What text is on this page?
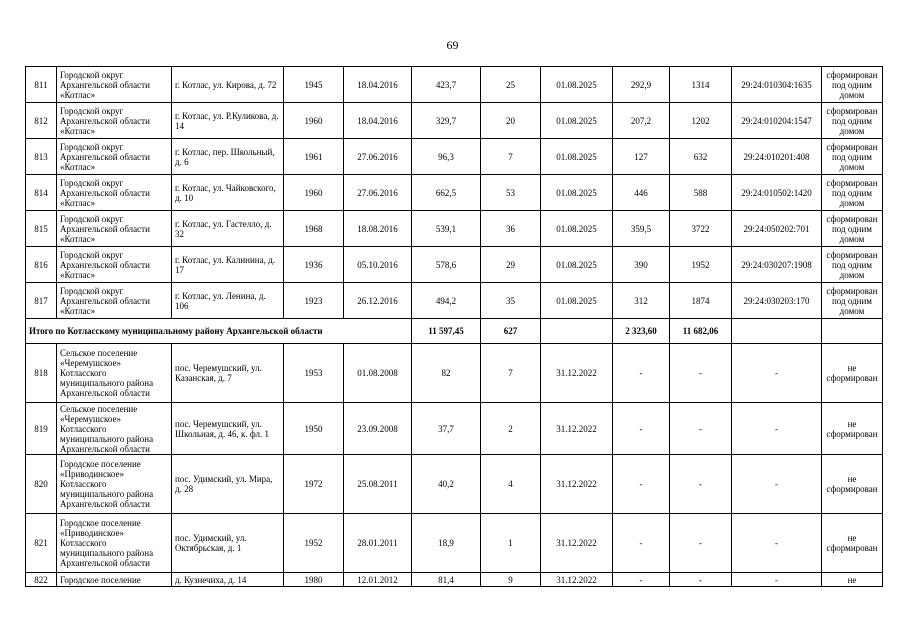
69
811	Городской округ Архангельской области «Котлас»	г. Котлас, ул. Кирова, д. 72	1945	18.04.2016	423,7	25	01.08.2025	292,9	1314	29:24:010304:1635	сформирован под одним домом
812	Городской округ Архангельской области «Котлас»	г. Котлас, ул. Р.Куликова, д. 14	1960	18.04.2016	329,7	20	01.08.2025	207,2	1202	29:24:010204:1547	сформирован под одним домом
813	Городской округ Архангельской области «Котлас»	г. Котлас, пер. Школьный, д. 6	1961	27.06.2016	96,3	7	01.08.2025	127	632	29:24:010201:408	сформирован под одним домом
814	Городской округ Архангельской области «Котлас»	г. Котлас, ул. Чайковского, д. 10	1960	27.06.2016	662,5	53	01.08.2025	446	588	29:24:010502:1420	сформирован под одним домом
815	Городской округ Архангельской области «Котлас»	г. Котлас, ул. Гастелло, д. 32	1968	18.08.2016	539,1	36	01.08.2025	359,5	3722	29:24:050202:701	сформирован под одним домом
816	Городской округ Архангельской области «Котлас»	г. Котлас, ул. Калинина, д. 17	1936	05.10.2016	578,6	29	01.08.2025	390	1952	29:24:030207:1908	сформирован под одним домом
817	Городской округ Архангельской области «Котлас»	г. Котлас, ул. Ленина, д. 106	1923	26.12.2016	494,2	35	01.08.2025	312	1874	29:24:030203:170	сформирован под одним домом
Итого по Котласскому муниципальному району Архангельской области					11 597,45	627		2 323,60	11 682,06		
818	Сельское поселение «Черемушское» Котласского муниципального района Архангельской области	пос. Черемушский, ул. Казанская, д. 7	1953	01.08.2008	82	7	31.12.2022	-	-	-	не сформирован
819	Сельское поселение «Черемушское» Котласского муниципального района Архангельской области	пос. Черемушский, ул. Школьная, д. 46, к. фл. 1	1950	23.09.2008	37,7	2	31.12.2022	-	-	-	не сформирован
820	Городское поселение «Приводинское» Котласского муниципального района Архангельской области	пос. Удимский, ул. Мира, д. 28	1972	25.08.2011	40,2	4	31.12.2022	-	-	-	не сформирован
821	Городское поселение «Приводинское» Котласского муниципального района Архангельской области	пос. Удимский, ул. Октябрьская, д. 1	1952	28.01.2011	18,9	1	31.12.2022	-	-	-	не сформирован
822	Городское поселение	д. Кузнечиха, д. 14	1980	12.01.2012	81,4	9	31.12.2022	-	-	-	не
